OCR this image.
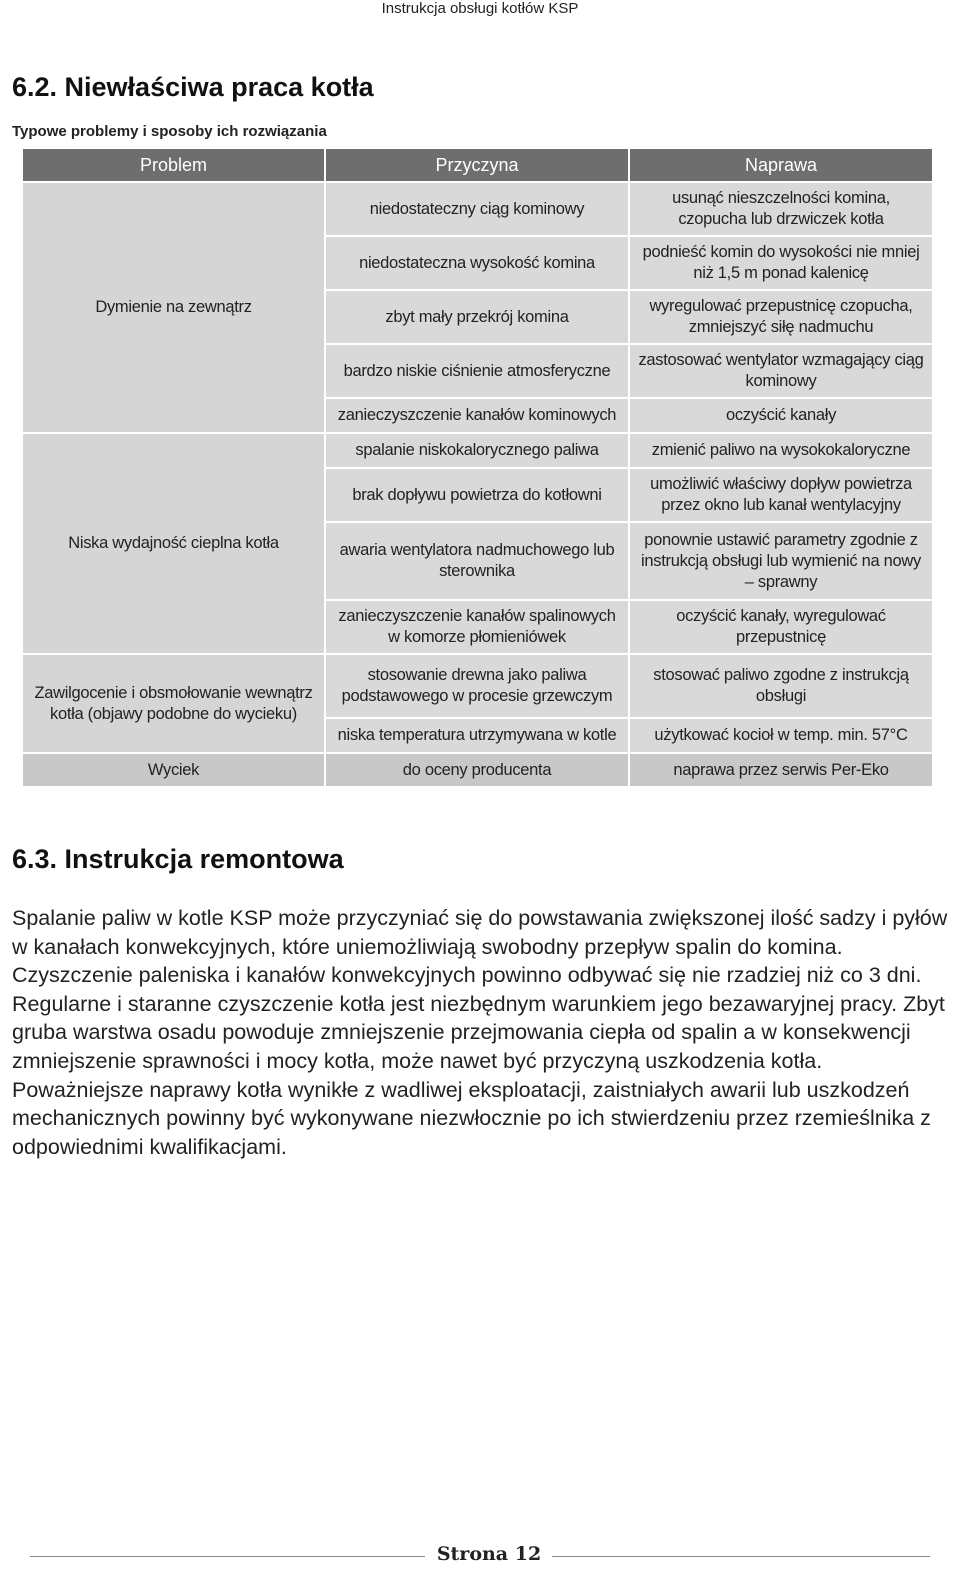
Instrukcja obsługi kotłów KSP
6.2. Niewłaściwa praca kotła
Typowe problemy i sposoby ich rozwiązania
Problem	Przyczyna	Naprawa
Dymienie na zewnątrz	niedostateczny ciąg kominowy	usunąć nieszczelności komina, czopucha lub drzwiczek kotła
	niedostateczna wysokość komina	podnieść komin do wysokości nie mniej niż 1,5 m ponad kalenicę
	zbyt mały przekrój komina	wyregulować przepustnicę czopucha, zmniejszyć siłę nadmuchu
	bardzo niskie ciśnienie atmosferyczne	zastosować wentylator wzmagający ciąg kominowy
	zanieczyszczenie kanałów kominowych	oczyścić kanały
Niska wydajność cieplna kotła	spalanie niskokalorycznego paliwa	zmienić paliwo na wysokokaloryczne
	brak dopływu powietrza do kotłowni	umożliwić właściwy dopływ powietrza przez okno lub kanał wentylacyjny
	awaria wentylatora nadmuchowego lub sterownika	ponownie ustawić parametry zgodnie z instrukcją obsługi lub wymienić na nowy – sprawny
	zanieczyszczenie kanałów spalinowych w komorze płomieniówek	oczyścić kanały, wyregulować przepustnicę
Zawilgocenie i obsmołowanie wewnątrz kotła (objawy podobne do wycieku)	stosowanie drewna jako paliwa podstawowego w procesie grzewczym	stosować paliwo zgodne z instrukcją obsługi
	niska temperatura utrzymywana w kotle	użytkować kocioł w temp. min. 57°C
Wyciek	do oceny producenta	naprawa przez serwis Per-Eko
6.3. Instrukcja remontowa

Spalanie paliw w kotle KSP może przyczyniać się do powstawania zwiększonej ilość sadzy i pyłów w kanałach konwekcyjnych, które uniemożliwiają swobodny przepływ spalin do komina. Czyszczenie paleniska i kanałów konwekcyjnych powinno odbywać się nie rzadziej niż co 3 dni. Regularne i staranne czyszczenie kotła jest niezbędnym warunkiem jego bezawaryjnej pracy. Zbyt gruba warstwa osadu powoduje zmniejszenie przejmowania ciepła od spalin a w konsekwencji zmniejszenie sprawności i mocy kotła, może nawet być przyczyną uszkodzenia kotła. Poważniejsze naprawy kotła wynikłe z wadliwej eksploatacji, zaistniałych awarii lub uszkodzeń mechanicznych powinny być wykonywane niezwłocznie po ich stwierdzeniu przez rzemieślnika z odpowiednimi kwalifikacjami.

Strona 12
